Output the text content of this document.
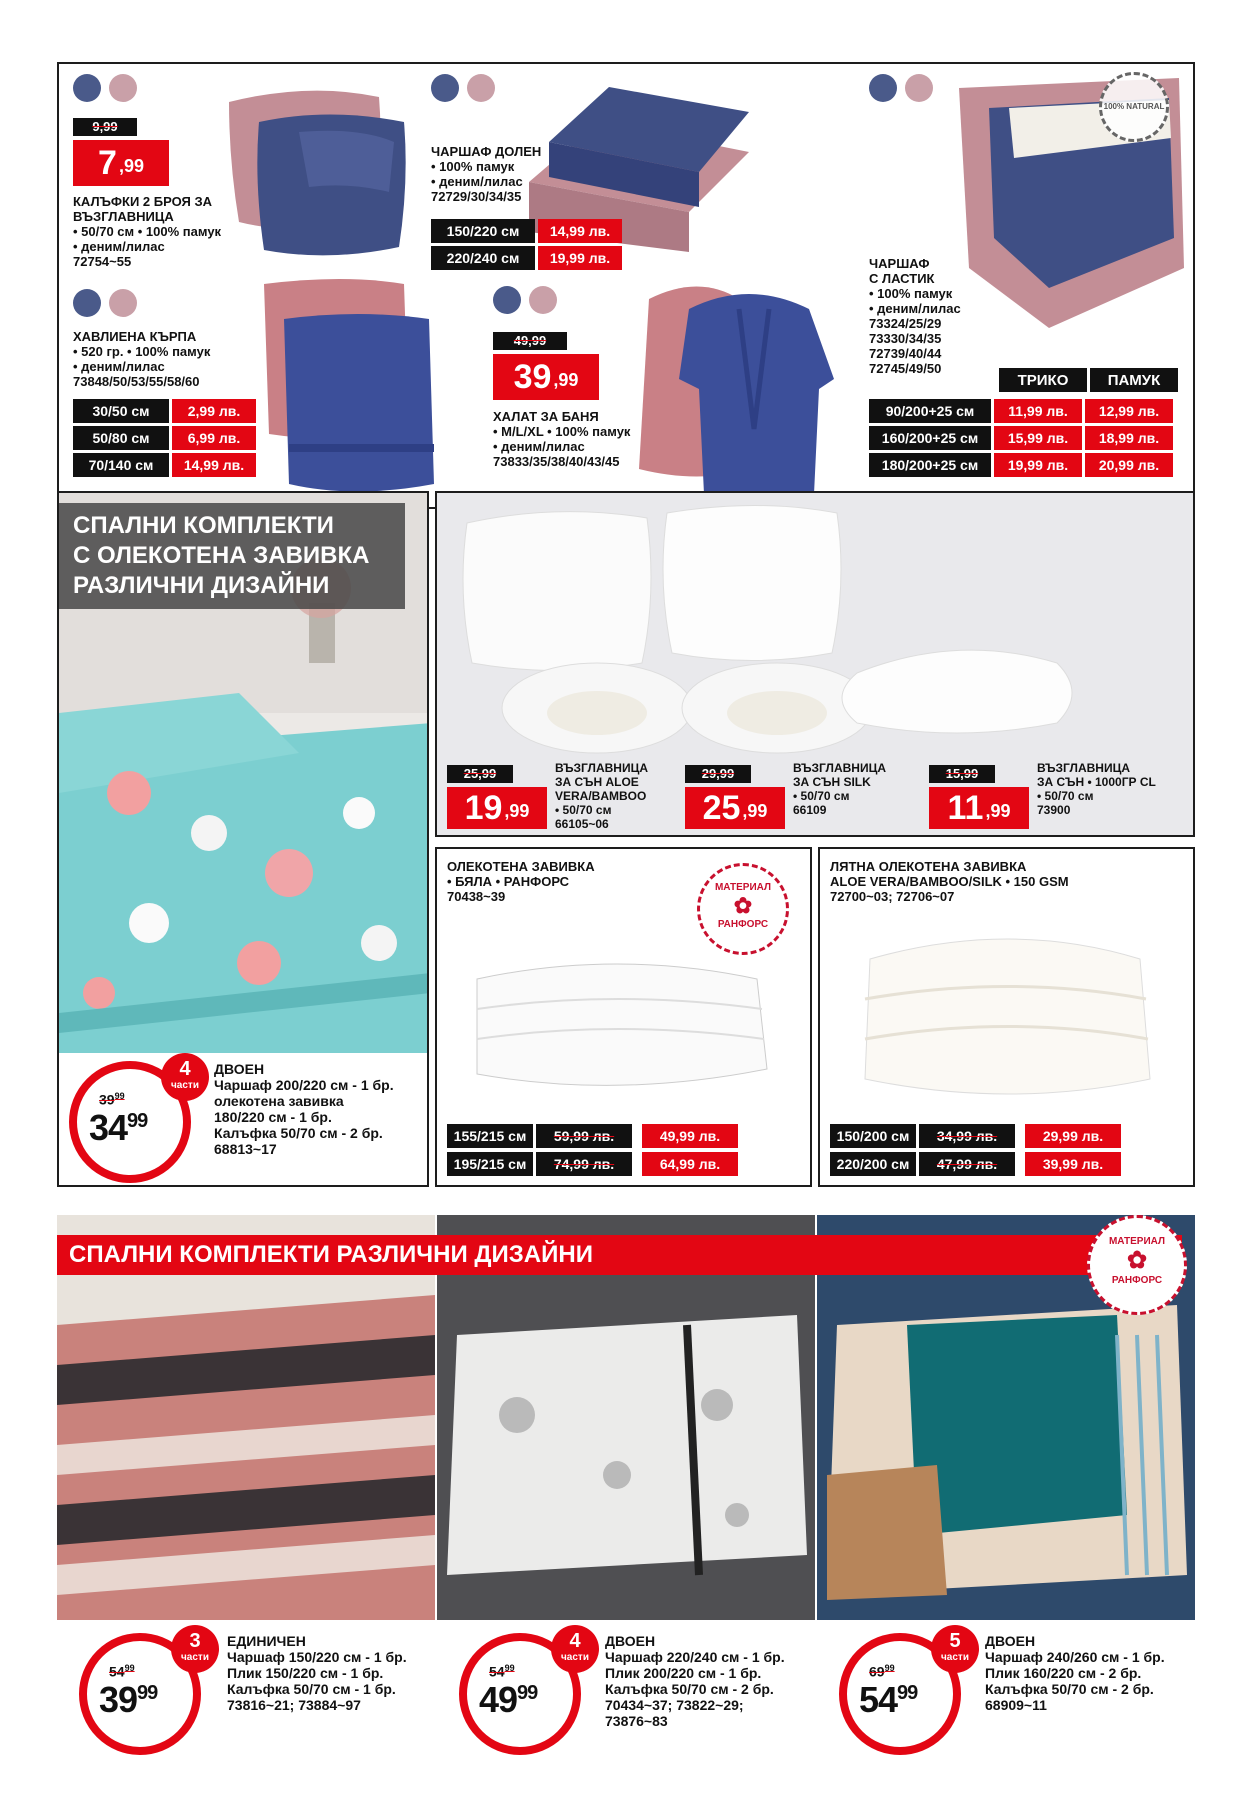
9,99
7 ,99
КАЛЪФКИ 2 БРОЯ ЗА
ВЪЗГЛАВНИЦА
• 50/70 см • 100% памук
• деним/лилас
72754~55
ЧАРШАФ ДОЛЕН
• 100% памук
• деним/лилас
72729/30/34/35
150/220 см	14,99 лв.
220/240 см	19,99 лв.
100% NATURAL
ЧАРШАФ
С ЛАСТИК
• 100% памук
• деним/лилас
73324/25/29
73330/34/35
72739/40/44
72745/49/50
ТРИКО	ПАМУК
90/200+25 см	11,99 лв.	12,99 лв.
160/200+25 см	15,99 лв.	18,99 лв.
180/200+25 см	19,99 лв.	20,99 лв.
ХАВЛИЕНА КЪРПА
• 520 гр. • 100% памук
• деним/лилас
73848/50/53/55/58/60
30/50 см	2,99 лв.
50/80 см	6,99 лв.
70/140 см	14,99 лв.
49,99
39 ,99
ХАЛАТ ЗА БАНЯ
• M/L/XL • 100% памук
• деним/лилас
73833/35/38/40/43/45
СПАЛНИ КОМПЛЕКТИ
С ОЛЕКОТЕНА ЗАВИВКА
РАЗЛИЧНИ ДИЗАЙНИ
$39^{99}$
$34^{99}$
4
части
ДВОЕН
Чаршаф 200/220 см - 1 бр.
олекотена завивка
180/220 см - 1 бр.
Калъфка 50/70 см - 2 бр.
68813~17
25,99
19 ,99
ВЪЗГЛАВНИЦА
ЗА СЪН ALOE
VERA/BAMBOO
• 50/70 см
66105~06
29,99
25 ,99
ВЪЗГЛАВНИЦА
ЗА СЪН SILK
• 50/70 см
66109
15,99
11 ,99
ВЪЗГЛАВНИЦА
ЗА СЪН • 1000ГР CL
• 50/70 см
73900
ОЛЕКОТЕНА ЗАВИВКА
• БЯЛА • РАНФОРС
70438~39
МАТЕРИАЛ
✿
РАНФОРС
155/215 см	59,99 лв.	49,99 лв.
195/215 см	74,99 лв.	64,99 лв.
ЛЯТНА ОЛЕКОТЕНА ЗАВИВКА
ALOE VERA/BAMBOO/SILK • 150 GSM
72700~03; 72706~07
150/200 см	34,99 лв.	29,99 лв.
220/200 см	47,99 лв.	39,99 лв.
СПАЛНИ КОМПЛЕКТИ РАЗЛИЧНИ ДИЗАЙНИ	МАТЕРИАЛ
✿
РАНФОРС
$54^{99}$
$39^{99}$
3
части
ЕДИНИЧЕН
Чаршаф 150/220 см - 1 бр.
Плик 150/220 см - 1 бр.
Калъфка 50/70 см - 1 бр.
73816~21; 73884~97
$54^{99}$
$49^{99}$
4
части
ДВОЕН
Чаршаф 220/240 см - 1 бр.
Плик 200/220 см - 1 бр.
Калъфка 50/70 см - 2 бр.
70434~37; 73822~29;
73876~83
$69^{99}$
$54^{99}$
5
части
ДВОЕН
Чаршаф 240/260 см - 1 бр.
Плик 160/220 см - 2 бр.
Калъфка 50/70 см - 2 бр.
68909~11
